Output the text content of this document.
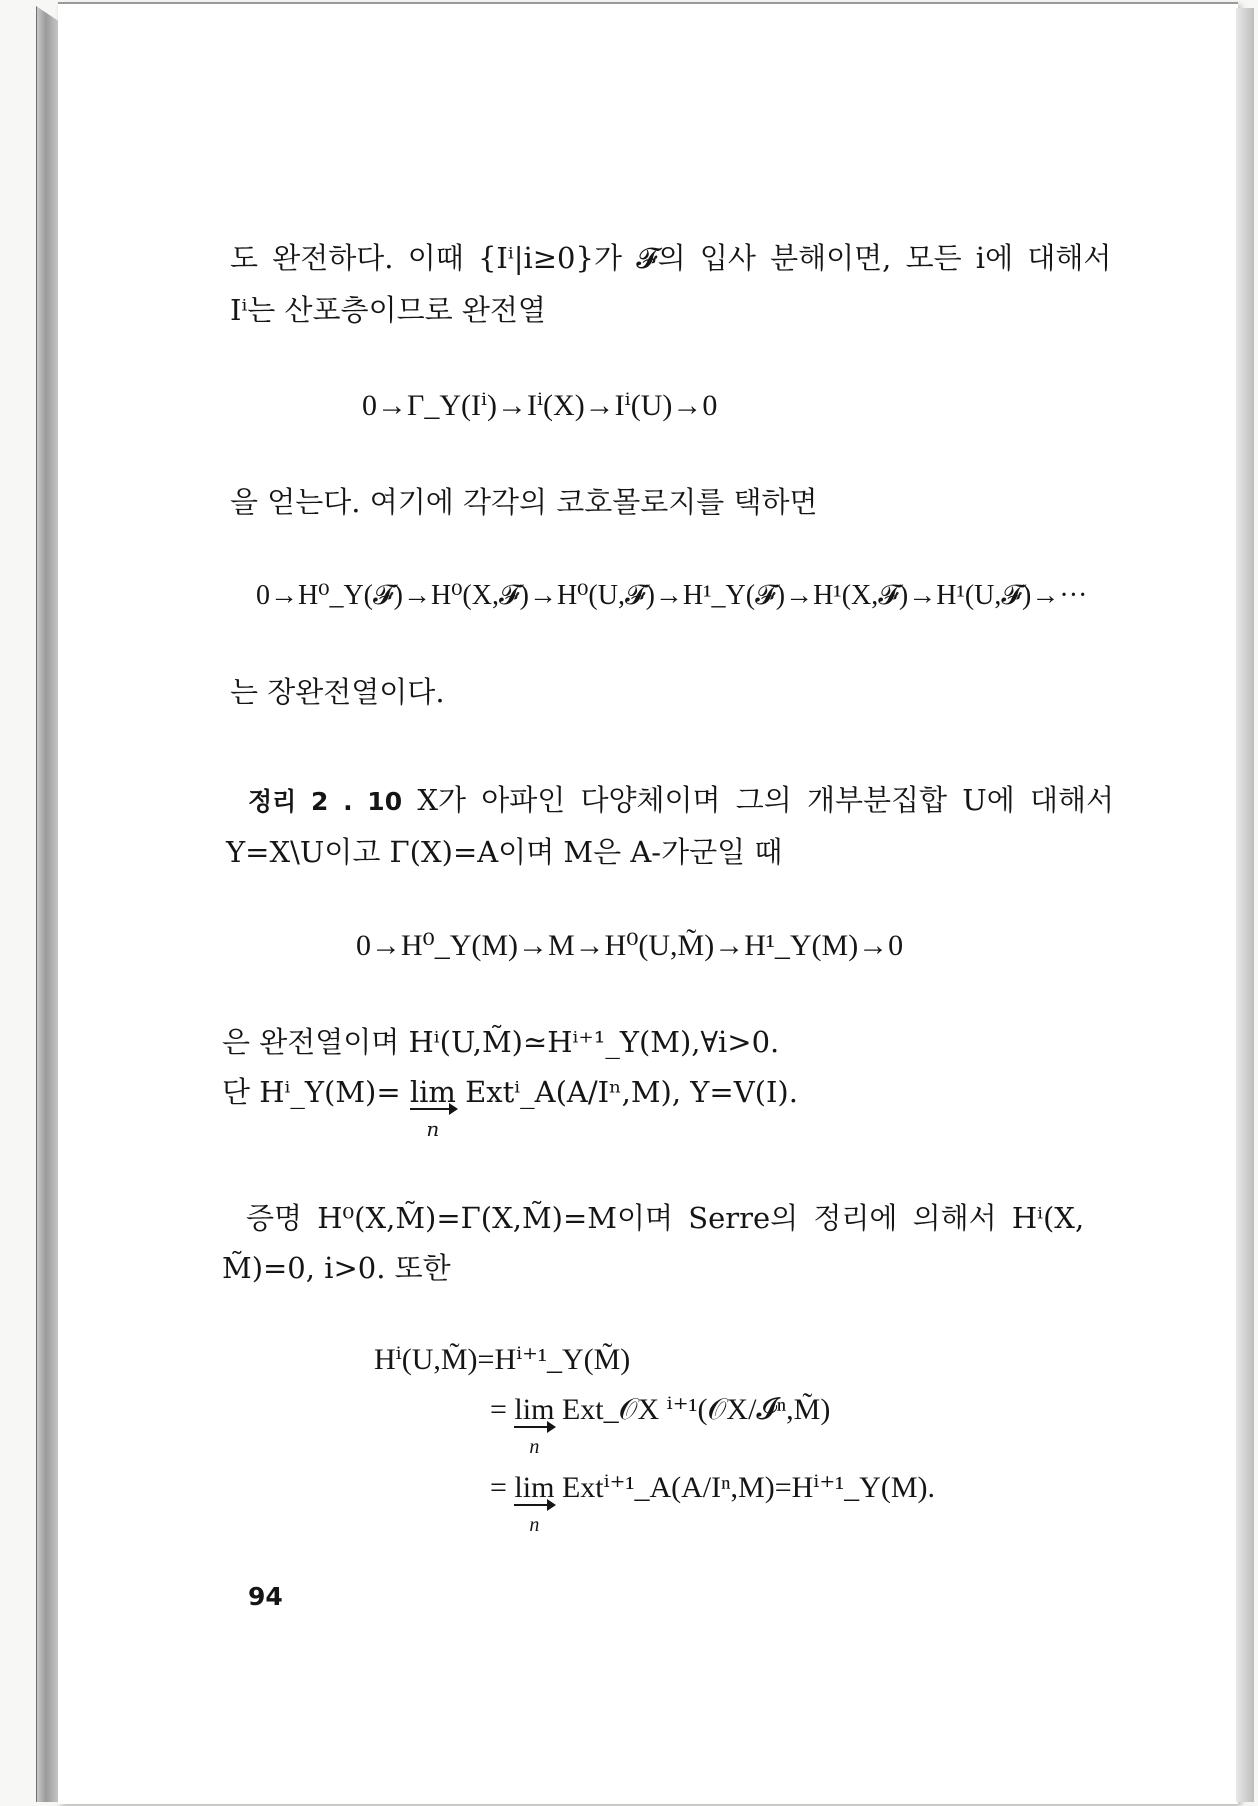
도 완전하다. 이때 {Iⁱ|i≥0}가 𝓕의 입사 분해이면, 모든 i에 대해서
Iⁱ는 산포층이므로 완전열
0→Γ_Y(Iⁱ)→Iⁱ(X)→Iⁱ(U)→0
을 얻는다. 여기에 각각의 코호몰로지를 택하면
0→H⁰_Y(𝓕)→H⁰(X,𝓕)→H⁰(U,𝓕)→H¹_Y(𝓕)→H¹(X,𝓕)→H¹(U,𝓕)→···
는 장완전열이다.
정리 2 . 10 X가 아파인 다양체이며 그의 개부분집합 U에 대해서
Y=X\U이고 Γ(X)=A이며 M은 A-가군일 때
0→H⁰_Y(M)→M→H⁰(U,M̃)→H¹_Y(M)→0
은 완전열이며 Hⁱ(U,M̃)≃Hⁱ⁺¹_Y(M),∀i>0.
단 Hⁱ_Y(M)= lim
n
Extⁱ_A(A/Iⁿ,M), Y=V(I).
증명 H⁰(X,M̃)=Γ(X,M̃)=M이며 Serre의 정리에 의해서 Hⁱ(X,
M̃)=0, i>0. 또한
Hⁱ(U,M̃)=Hⁱ⁺¹_Y(M̃)
= lim
n
Ext_𝒪X ⁱ⁺¹(𝒪X/𝓘ⁿ,M̃)
= lim
n
Extⁱ⁺¹_A(A/Iⁿ,M)=Hⁱ⁺¹_Y(M).
94
